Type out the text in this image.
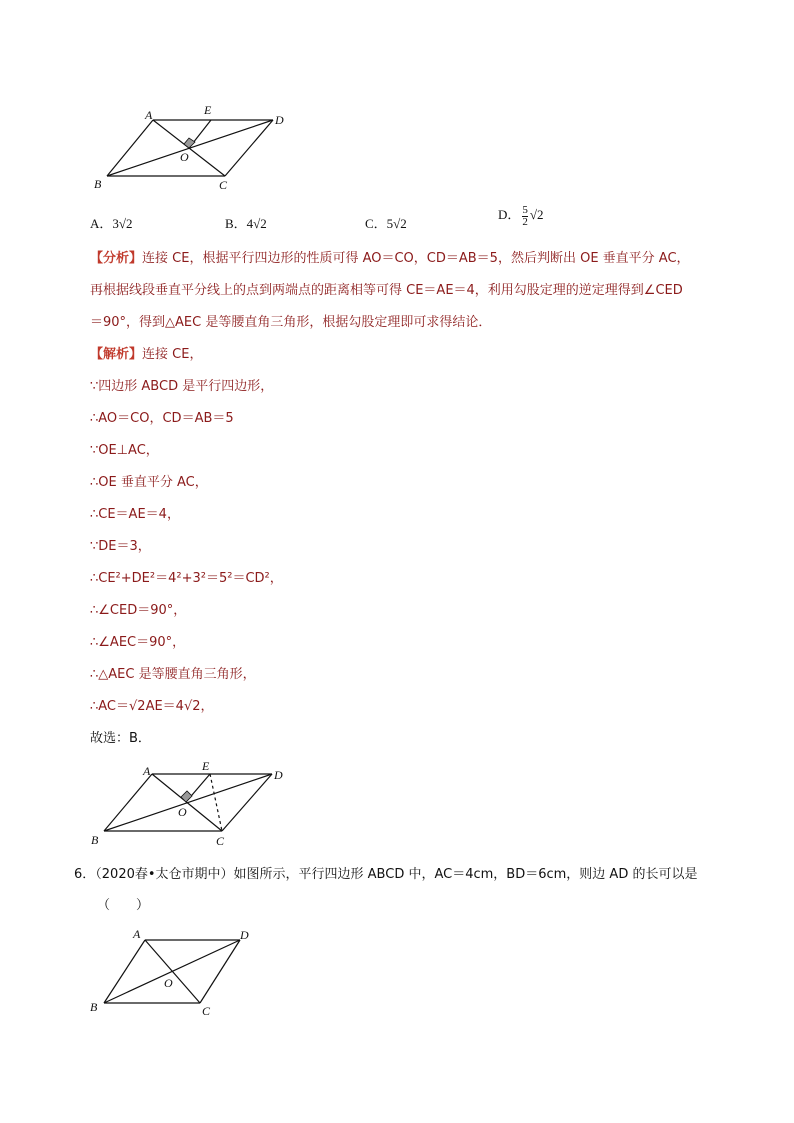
A	E
D
O
B	C
A．3√2	B．4√2	C．5√2
D． $\frac{5}{2} √2$
【分析】连接 CE，根据平行四边形的性质可得 AO＝CO，CD＝AB＝5，然后判断出 OE 垂直平分 AC，
再根据线段垂直平分线上的点到两端点的距离相等可得 CE＝AE＝4，利用勾股定理的逆定理得到∠CED
＝90°，得到△AEC 是等腰直角三角形，根据勾股定理即可求得结论．
【解析】连接 CE，
∵四边形 ABCD 是平行四边形，
∴AO＝CO，CD＝AB＝5
∵OE⊥AC，
∴OE 垂直平分 AC，
∴CE＝AE＝4，
∵DE＝3，
∴CE²+DE²＝4²+3²＝5²＝CD²，
∴∠CED＝90°，
∴∠AEC＝90°，
∴△AEC 是等腰直角三角形，
∴AC＝√2AE＝4√2，
故选：B．
A	E
D
O
B	C
6．（2020春•太仓市期中）如图所示，平行四边形 ABCD 中，AC＝4cm，BD＝6cm，则边 AD 的长可以是
（　　）
A	D
O
B	C
